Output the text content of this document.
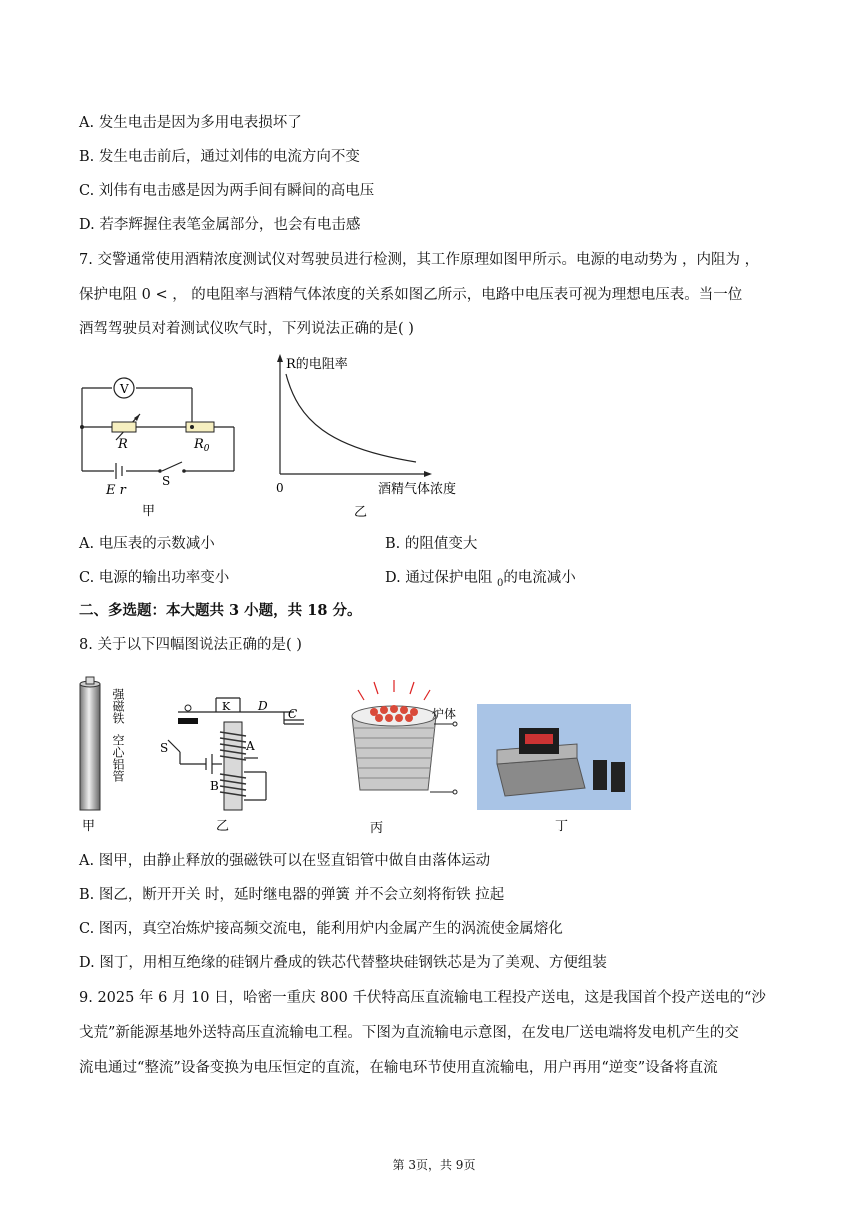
A. 发生电击是因为多用电表损坏了
B. 发生电击前后，通过刘伟的电流方向不变
C. 刘伟有电击感是因为两手间有瞬间的高电压
D. 若李辉握住表笔金属部分，也会有电击感
7. 交警通常使用酒精浓度测试仪对驾驶员进行检测，其工作原理如图甲所示。电源的电动势为 ，内阻为 ，
保护电阻 0 < ， 的电阻率与酒精气体浓度的关系如图乙所示，电路中电压表可视为理想电压表。当一位
酒驾驾驶员对着测试仪吹气时，下列说法正确的是( )
V
R	$R_0$
S
E r
甲
R的电阻率
0	酒精气体浓度
乙
A. 电压表的示数减小	B. 的阻值变大
C. 电源的输出功率变小	D. 通过保护电阻 $_0$的电流减小
二、多选题：本大题共 3 小题，共 18 分。
8. 关于以下四幅图说法正确的是( )
强磁铁
空心铝管
甲
K D
C
S	A
B
乙
炉体
丙	丁
A. 图甲，由静止释放的强磁铁可以在竖直铝管中做自由落体运动
B. 图乙，断开开关 时，延时继电器的弹簧 并不会立刻将衔铁 拉起
C. 图丙，真空冶炼炉接高频交流电，能利用炉内金属产生的涡流使金属熔化
D. 图丁，用相互绝缘的硅钢片叠成的铁芯代替整块硅钢铁芯是为了美观、方便组装
9. 2025 年 6 月 10 日，哈密一重庆 800 千伏特高压直流输电工程投产送电，这是我国首个投产送电的“沙
戈荒”新能源基地外送特高压直流输电工程。下图为直流输电示意图，在发电厂送电端将发电机产生的交
流电通过“整流”设备变换为电压恒定的直流，在输电环节使用直流输电，用户再用“逆变”设备将直流
第 3页，共 9页
